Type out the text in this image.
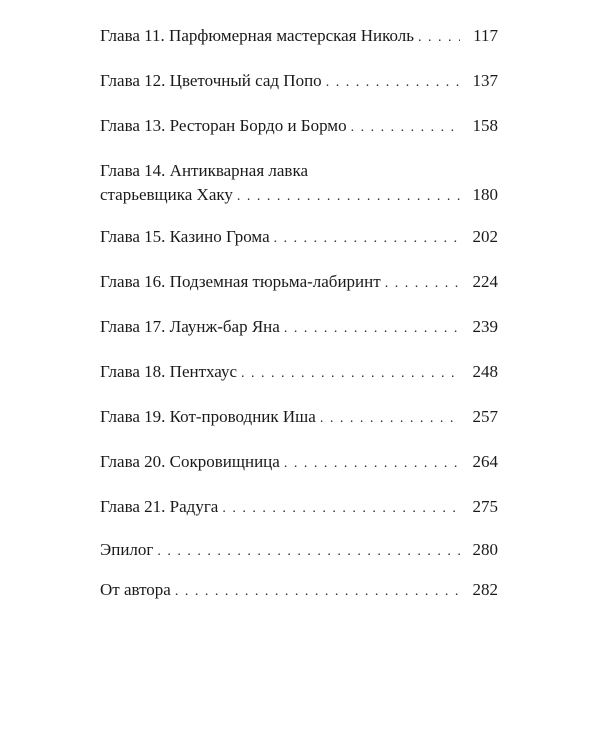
Глава 11. Парфюмерная мастерская Николь . . .	117
Глава 12. Цветочный сад Попо . . .	137
Глава 13. Ресторан Бордо и Бормо . . .	158
Глава 14. Антикварная лавка
старьевщика Хаку . . .	180
Глава 15. Казино Грома . . .	202
Глава 16. Подземная тюрьма-лабиринт . . .	224
Глава 17. Лаунж-бар Яна . . .	239
Глава 18. Пентхаус . . .	248
Глава 19. Кот-проводник Иша . . .	257
Глава 20. Сокровищница . . .	264
Глава 21. Радуга . . .	275
Эпилог . . .	280
От автора . . .	282
